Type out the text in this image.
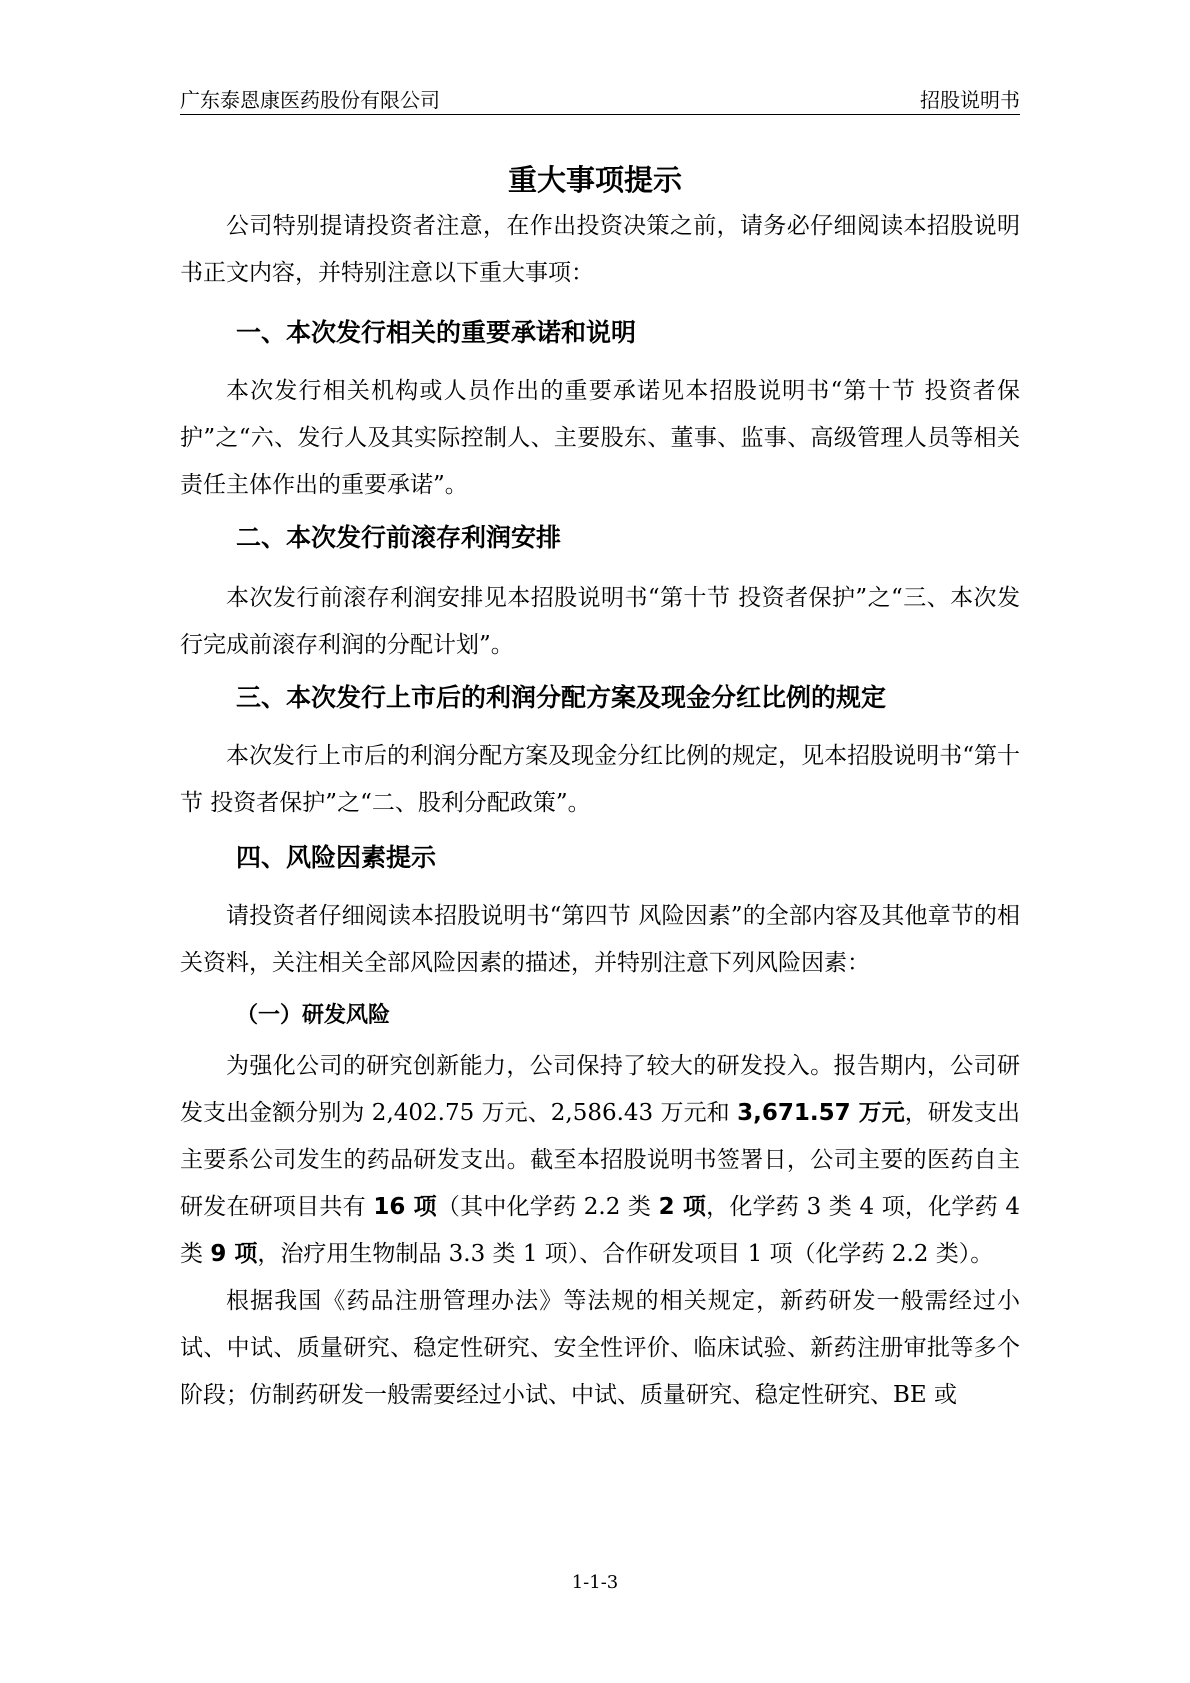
广东泰恩康医药股份有限公司	招股说明书
重大事项提示

公司特别提请投资者注意，在作出投资决策之前，请务必仔细阅读本招股说明书正文内容，并特别注意以下重大事项：

一、本次发行相关的重要承诺和说明

本次发行相关机构或人员作出的重要承诺见本招股说明书“第十节 投资者保护”之“六、发行人及其实际控制人、主要股东、董事、监事、高级管理人员等相关责任主体作出的重要承诺”。

二、本次发行前滚存利润安排

本次发行前滚存利润安排见本招股说明书“第十节 投资者保护”之“三、本次发行完成前滚存利润的分配计划”。

三、本次发行上市后的利润分配方案及现金分红比例的规定

本次发行上市后的利润分配方案及现金分红比例的规定，见本招股说明书“第十节 投资者保护”之“二、股利分配政策”。

四、风险因素提示

请投资者仔细阅读本招股说明书“第四节 风险因素”的全部内容及其他章节的相关资料，关注相关全部风险因素的描述，并特别注意下列风险因素：

（一）研发风险

为强化公司的研究创新能力，公司保持了较大的研发投入。报告期内，公司研发支出金额分别为 2,402.75 万元、2,586.43 万元和 3,671.57 万元，研发支出主要系公司发生的药品研发支出。截至本招股说明书签署日，公司主要的医药自主研发在研项目共有 16 项（其中化学药 2.2 类 2 项，化学药 3 类 4 项，化学药 4 类 9 项，治疗用生物制品 3.3 类 1 项）、合作研发项目 1 项（化学药 2.2 类）。

根据我国《药品注册管理办法》等法规的相关规定，新药研发一般需经过小试、中试、质量研究、稳定性研究、安全性评价、临床试验、新药注册审批等多个阶段；仿制药研发一般需要经过小试、中试、质量研究、稳定性研究、BE 或

1-1-3
